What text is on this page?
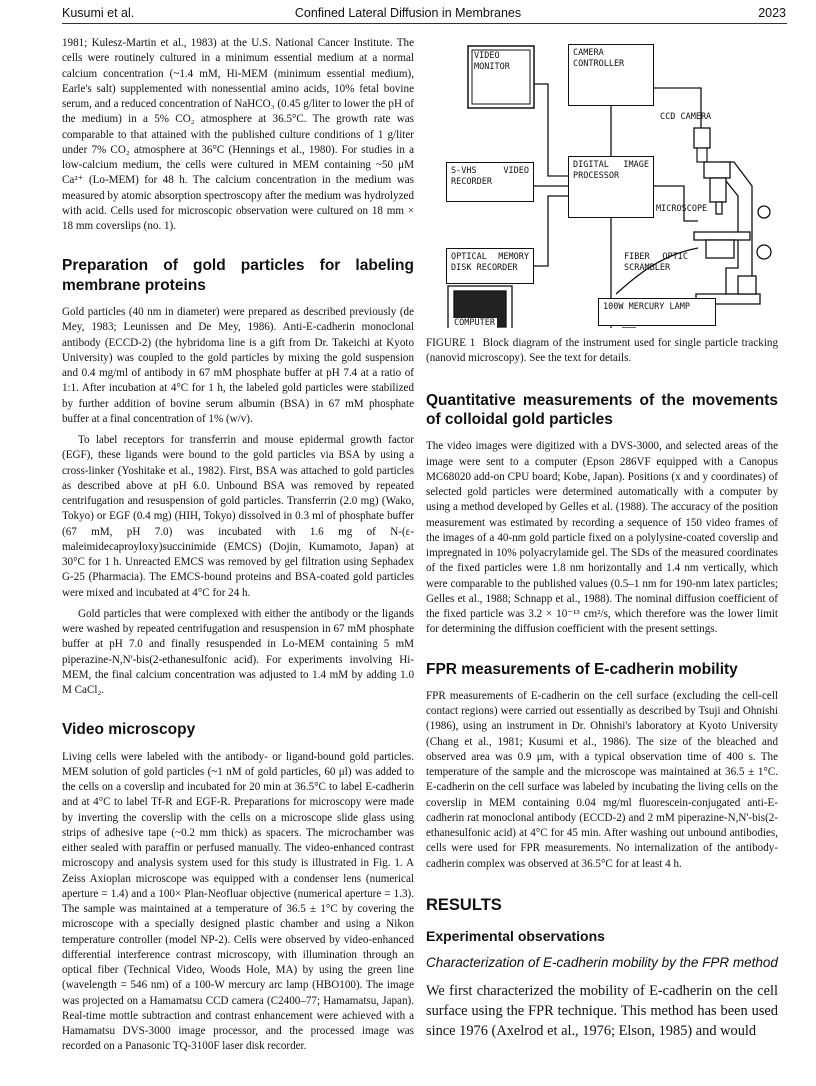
Kusumi et al.	Confined Lateral Diffusion in Membranes	2023

1981; Kulesz-Martin et al., 1983) at the U.S. National Cancer Institute. The cells were routinely cultured in a minimum essential medium at a normal calcium concentration (~1.4 mM, Hi-MEM (minimum essential medium), Earle's salt) supplemented with nonessential amino acids, 10% fetal bovine serum, and a reduced concentration of NaHCO₃ (0.45 g/liter to lower the pH of the medium) in a 5% CO₂ atmosphere at 36.5°C. The growth rate was comparable to that attained with the published culture conditions of 1 g/liter under 7% CO₂ atmosphere at 36°C (Hennings et al., 1980). For studies in a low-calcium medium, the cells were cultured in MEM containing ~50 μM Ca²⁺ (Lo-MEM) for 48 h. The calcium concentration in the medium was measured by atomic absorption spectroscopy after the medium was hydrolyzed with acid. Cells used for microscopic observation were cultured on 18 mm × 18 mm coverslips (no. 1).

Preparation of gold particles for labeling membrane proteins

Gold particles (40 nm in diameter) were prepared as described previously (de Mey, 1983; Leunissen and De Mey, 1986). Anti-E-cadherin monoclonal antibody (ECCD-2) (the hybridoma line is a gift from Dr. Takeichi at Kyoto University) was coupled to the gold particles by mixing the gold suspension and 0.4 mg/ml of antibody in 67 mM phosphate buffer at pH 7.4 at a ratio of 1:1. After incubation at 4°C for 1 h, the labeled gold particles were stabilized by further addition of bovine serum albumin (BSA) in 67 mM phosphate buffer at a final concentration of 1% (w/v).

To label receptors for transferrin and mouse epidermal growth factor (EGF), these ligands were bound to the gold particles via BSA by using a cross-linker (Yoshitake et al., 1982). First, BSA was attached to gold particles as described above at pH 6.0. Unbound BSA was removed by repeated centrifugation and resuspension of gold particles. Transferrin (2.0 mg) (Wako, Tokyo) or EGF (0.4 mg) (HIH, Tokyo) dissolved in 0.3 ml of phosphate buffer (67 mM, pH 7.0) was incubated with 1.6 mg of N-(ε-maleimidecaproyloxy)succinimide (EMCS) (Dojin, Kumamoto, Japan) at 30°C for 1 h. Unreacted EMCS was removed by gel filtration using Sephadex G-25 (Pharmacia). The EMCS-bound proteins and BSA-coated gold particles were mixed and incubated at 4°C for 24 h.

Gold particles that were complexed with either the antibody or the ligands were washed by repeated centrifugation and resuspension in 67 mM phosphate buffer at pH 7.0 and finally resuspended in Lo-MEM containing 5 mM piperazine-N,N'-bis(2-ethanesulfonic acid). For experiments involving Hi-MEM, the final calcium concentration was adjusted to 1.4 mM by adding 1.0 M CaCl₂.

Video microscopy

Living cells were labeled with the antibody- or ligand-bound gold particles. MEM solution of gold particles (~1 nM of gold particles, 60 μl) was added to the cells on a coverslip and incubated for 20 min at 36.5°C to label E-cadherin and at 4°C to label Tf-R and EGF-R. Preparations for microscopy were made by inverting the coverslip with the cells on a microscope slide glass using strips of adhesive tape (~0.2 mm thick) as spacers. The microchamber was either sealed with paraffin or perfused manually. The video-enhanced contrast microscopy and analysis system used for this study is illustrated in Fig. 1. A Zeiss Axioplan microscope was equipped with a condenser lens (numerical aperture = 1.4) and a 100× Plan-Neofluar objective (numerical aperture = 1.3). The sample was maintained at a temperature of 36.5 ± 1°C by covering the microscope with a specially designed plastic chamber and using a Nikon temperature controller (model NP-2). Cells were observed by video-enhanced differential interference contrast microscopy, with illumination through an optical fiber (Technical Video, Woods Hole, MA) by using the green line (wavelength = 546 nm) of a 100-W mercury arc lamp (HBO100). The image was projected on a Hamamatsu CCD camera (C2400–77; Hamamatsu, Japan). Real-time mottle subtraction and contrast enhancement were achieved with a Hamamatsu DVS-3000 image processor, and the processed image was recorded on a Panasonic TQ-3100F laser disk recorder.

VIDEO MONITOR
CAMERA CONTROLLER
S-VHS VIDEO RECORDER
DIGITAL IMAGE PROCESSOR
OPTICAL MEMORY DISK RECORDER
COMPUTER
100W MERCURY LAMP
CCD CAMERA
MICROSCOPE
FIBER OPTIC SCRAMBLER

FIGURE 1 Block diagram of the instrument used for single particle tracking (nanovid microscopy). See the text for details.

Quantitative measurements of the movements of colloidal gold particles

The video images were digitized with a DVS-3000, and selected areas of the image were sent to a computer (Epson 286VF equipped with a Canopus MC68020 add-on CPU board; Kobe, Japan). Positions (x and y coordinates) of selected gold particles were determined automatically with a computer by using a method developed by Gelles et al. (1988). The accuracy of the position measurement was estimated by recording a sequence of 150 video frames of the images of a 40-nm gold particle fixed on a polylysine-coated coverslip and impregnated in 10% polyacrylamide gel. The SDs of the measured coordinates of the fixed particles were 1.8 nm horizontally and 1.4 nm vertically, which were comparable to the published values (0.5–1 nm for 190-nm latex particles; Gelles et al., 1988; Schnapp et al., 1988). The nominal diffusion coefficient of the fixed particle was 3.2 × 10⁻¹³ cm²/s, which therefore was the lower limit for determining the diffusion coefficient with the present settings.

FPR measurements of E-cadherin mobility

FPR measurements of E-cadherin on the cell surface (excluding the cell-cell contact regions) were carried out essentially as described by Tsuji and Ohnishi (1986), using an instrument in Dr. Ohnishi's laboratory at Kyoto University (Chang et al., 1981; Kusumi et al., 1986). The size of the bleached and observed area was 0.9 μm, with a typical observation time of 400 s. The temperature of the sample and the microscope was maintained at 36.5 ± 1°C. E-cadherin on the cell surface was labeled by incubating the living cells on the coverslip in MEM containing 0.04 mg/ml fluorescein-conjugated anti-E-cadherin rat monoclonal antibody (ECCD-2) and 2 mM piperazine-N,N'-bis(2-ethanesulfonic acid) at 4°C for 45 min. After washing out unbound antibodies, cells were used for FPR measurements. No internalization of the antibody-cadherin complex was observed at 36.5°C for at least 4 h.

RESULTS
Experimental observations
Characterization of E-cadherin mobility by the FPR method

We first characterized the mobility of E-cadherin on the cell surface using the FPR technique. This method has been used since 1976 (Axelrod et al., 1976; Elson, 1985) and would
